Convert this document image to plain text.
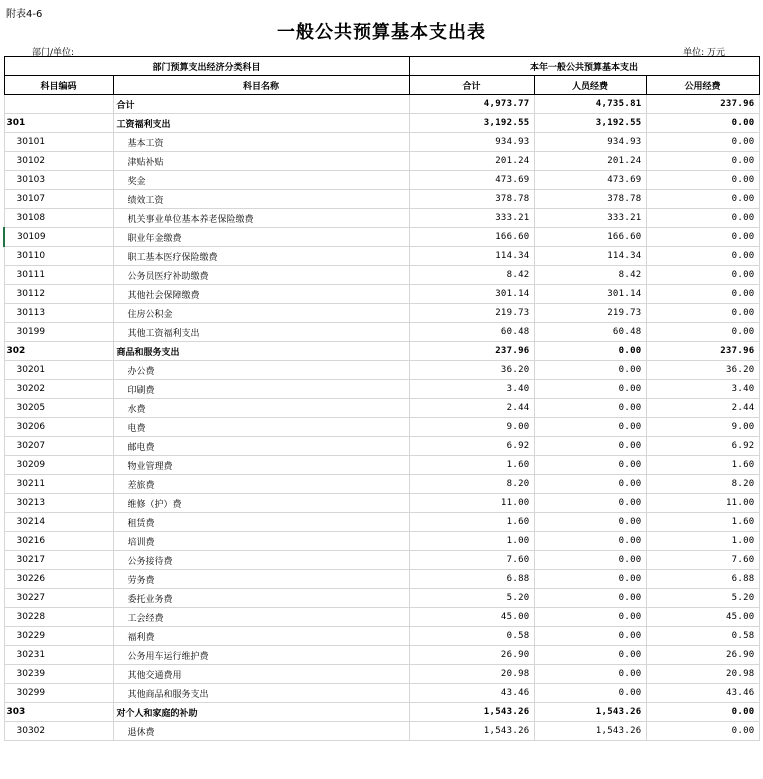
附表4-6
一般公共预算基本支出表
部门/单位:	单位: 万元
部门预算支出经济分类科目		本年一般公共预算基本支出		
科目编码	科目名称	合计	人员经费	公用经费
	合计	4,973.77	4,735.81	237.96
301	工资福利支出	3,192.55	3,192.55	0.00
30101	基本工资	934.93	934.93	0.00
30102	津贴补贴	201.24	201.24	0.00
30103	奖金	473.69	473.69	0.00
30107	绩效工资	378.78	378.78	0.00
30108	机关事业单位基本养老保险缴费	333.21	333.21	0.00
30109	职业年金缴费	166.60	166.60	0.00
30110	职工基本医疗保险缴费	114.34	114.34	0.00
30111	公务员医疗补助缴费	8.42	8.42	0.00
30112	其他社会保障缴费	301.14	301.14	0.00
30113	住房公积金	219.73	219.73	0.00
30199	其他工资福利支出	60.48	60.48	0.00
302	商品和服务支出	237.96	0.00	237.96
30201	办公费	36.20	0.00	36.20
30202	印刷费	3.40	0.00	3.40
30205	水费	2.44	0.00	2.44
30206	电费	9.00	0.00	9.00
30207	邮电费	6.92	0.00	6.92
30209	物业管理费	1.60	0.00	1.60
30211	差旅费	8.20	0.00	8.20
30213	维修（护）费	11.00	0.00	11.00
30214	租赁费	1.60	0.00	1.60
30216	培训费	1.00	0.00	1.00
30217	公务接待费	7.60	0.00	7.60
30226	劳务费	6.88	0.00	6.88
30227	委托业务费	5.20	0.00	5.20
30228	工会经费	45.00	0.00	45.00
30229	福利费	0.58	0.00	0.58
30231	公务用车运行维护费	26.90	0.00	26.90
30239	其他交通费用	20.98	0.00	20.98
30299	其他商品和服务支出	43.46	0.00	43.46
303	对个人和家庭的补助	1,543.26	1,543.26	0.00
30302	退休费	1,543.26	1,543.26	0.00
